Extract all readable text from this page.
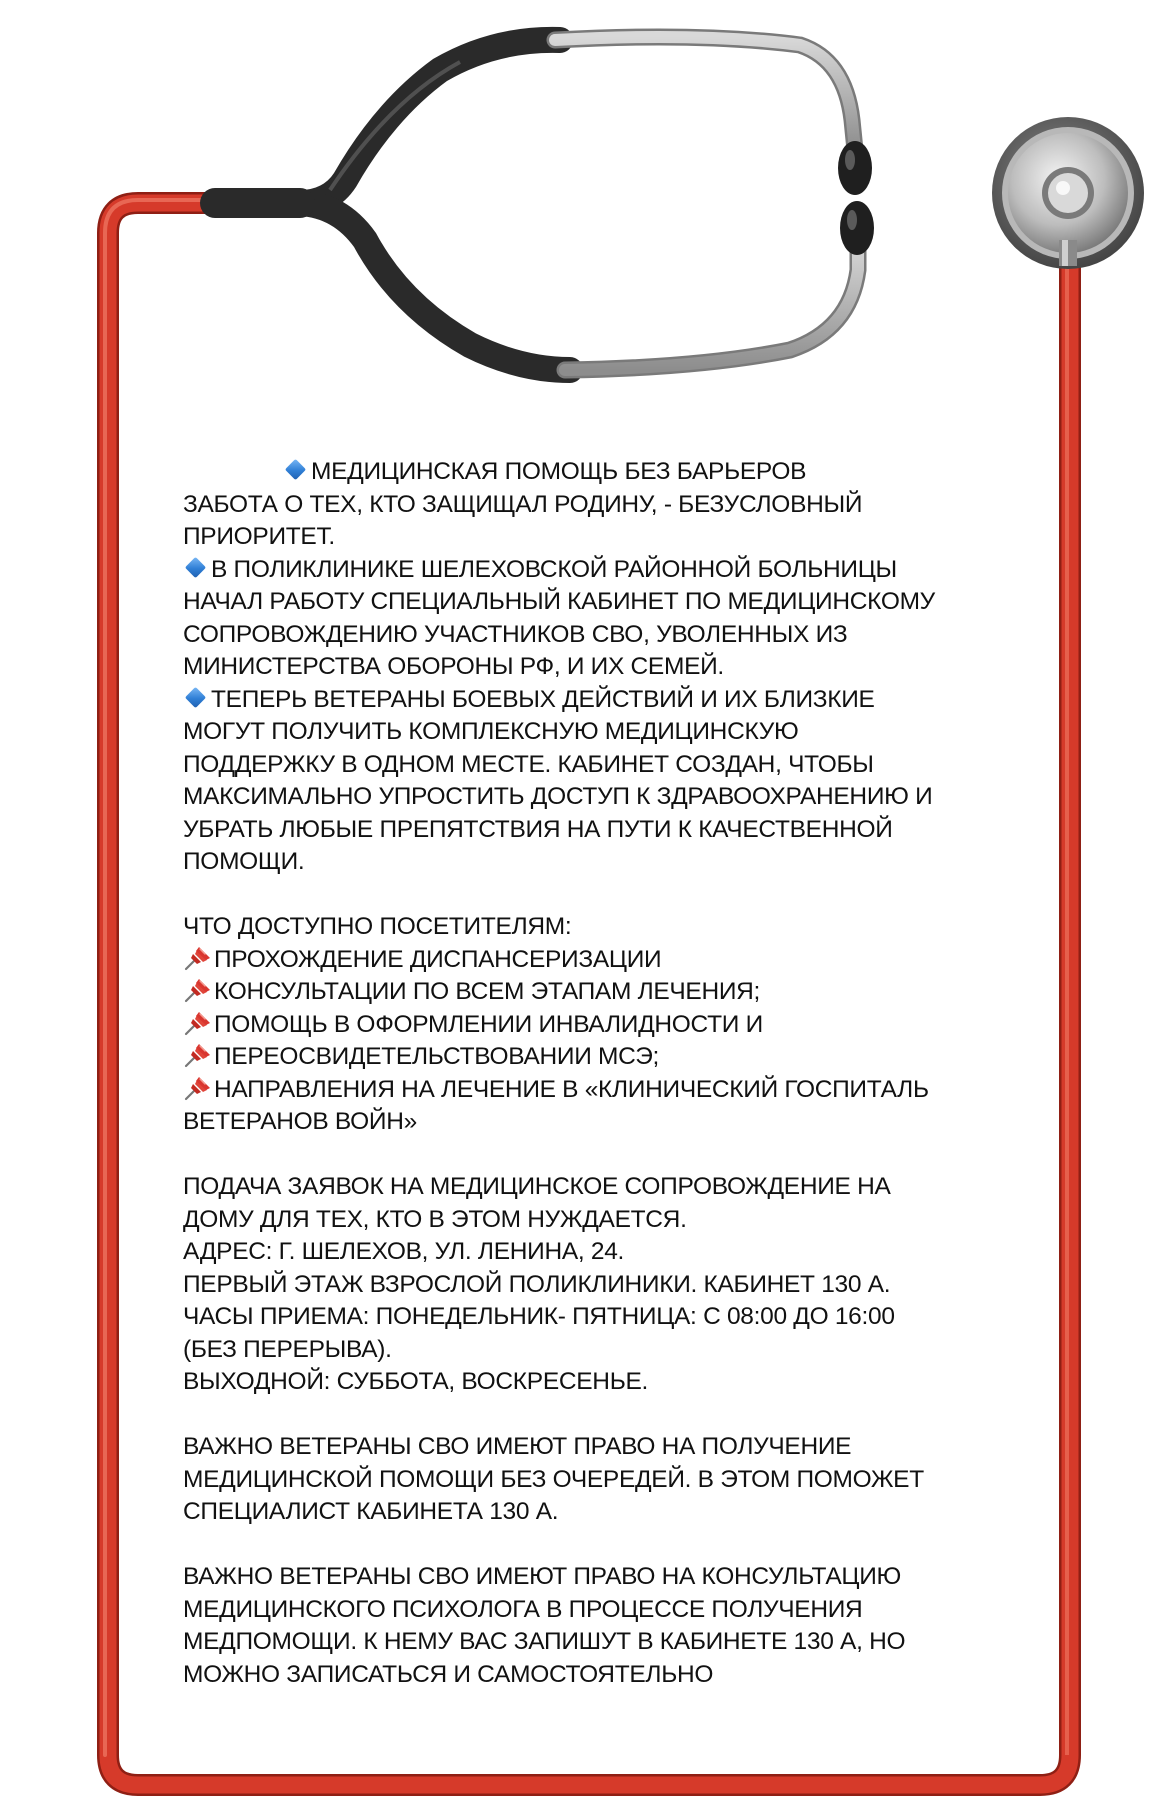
МЕДИЦИНСКАЯ ПОМОЩЬ БЕЗ БАРЬЕРОВ
ЗАБОТА О ТЕХ, КТО ЗАЩИЩАЛ РОДИНУ, - БЕЗУСЛОВНЫЙ
ПРИОРИТЕТ.
В ПОЛИКЛИНИКЕ ШЕЛЕХОВСКОЙ РАЙОННОЙ БОЛЬНИЦЫ
НАЧАЛ РАБОТУ СПЕЦИАЛЬНЫЙ КАБИНЕТ ПО МЕДИЦИНСКОМУ
СОПРОВОЖДЕНИЮ УЧАСТНИКОВ СВО, УВОЛЕННЫХ ИЗ
МИНИСТЕРСТВА ОБОРОНЫ РФ, И ИХ СЕМЕЙ.
ТЕПЕРЬ ВЕТЕРАНЫ БОЕВЫХ ДЕЙСТВИЙ И ИХ БЛИЗКИЕ
МОГУТ ПОЛУЧИТЬ КОМПЛЕКСНУЮ МЕДИЦИНСКУЮ
ПОДДЕРЖКУ В ОДНОМ МЕСТЕ. КАБИНЕТ СОЗДАН, ЧТОБЫ
МАКСИМАЛЬНО УПРОСТИТЬ ДОСТУП К ЗДРАВООХРАНЕНИЮ И
УБРАТЬ ЛЮБЫЕ ПРЕПЯТСТВИЯ НА ПУТИ К КАЧЕСТВЕННОЙ
ПОМОЩИ.
ЧТО ДОСТУПНО ПОСЕТИТЕЛЯМ:
ПРОХОЖДЕНИЕ ДИСПАНСЕРИЗАЦИИ
КОНСУЛЬТАЦИИ ПО ВСЕМ ЭТАПАМ ЛЕЧЕНИЯ;
ПОМОЩЬ В ОФОРМЛЕНИИ ИНВАЛИДНОСТИ И
ПЕРЕОСВИДЕТЕЛЬСТВОВАНИИ МСЭ;
НАПРАВЛЕНИЯ НА ЛЕЧЕНИЕ В «КЛИНИЧЕСКИЙ ГОСПИТАЛЬ
ВЕТЕРАНОВ ВОЙН»
ПОДАЧА ЗАЯВОК НА МЕДИЦИНСКОЕ СОПРОВОЖДЕНИЕ НА
ДОМУ ДЛЯ ТЕХ, КТО В ЭТОМ НУЖДАЕТСЯ.
АДРЕС: Г. ШЕЛЕХОВ, УЛ. ЛЕНИНА, 24.
ПЕРВЫЙ ЭТАЖ ВЗРОСЛОЙ ПОЛИКЛИНИКИ. КАБИНЕТ 130 А.
ЧАСЫ ПРИЕМА: ПОНЕДЕЛЬНИК- ПЯТНИЦА: С 08:00 ДО 16:00
(БЕЗ ПЕРЕРЫВА).
ВЫХОДНОЙ: СУББОТА, ВОСКРЕСЕНЬЕ.
ВАЖНО ВЕТЕРАНЫ СВО ИМЕЮТ ПРАВО НА ПОЛУЧЕНИЕ
МЕДИЦИНСКОЙ ПОМОЩИ БЕЗ ОЧЕРЕДЕЙ. В ЭТОМ ПОМОЖЕТ
СПЕЦИАЛИСТ КАБИНЕТА 130 А.
ВАЖНО ВЕТЕРАНЫ СВО ИМЕЮТ ПРАВО НА КОНСУЛЬТАЦИЮ
МЕДИЦИНСКОГО ПСИХОЛОГА В ПРОЦЕССЕ ПОЛУЧЕНИЯ
МЕДПОМОЩИ. К НЕМУ ВАС ЗАПИШУТ В КАБИНЕТЕ 130 А, НО
МОЖНО ЗАПИСАТЬСЯ И САМОСТОЯТЕЛЬНО
